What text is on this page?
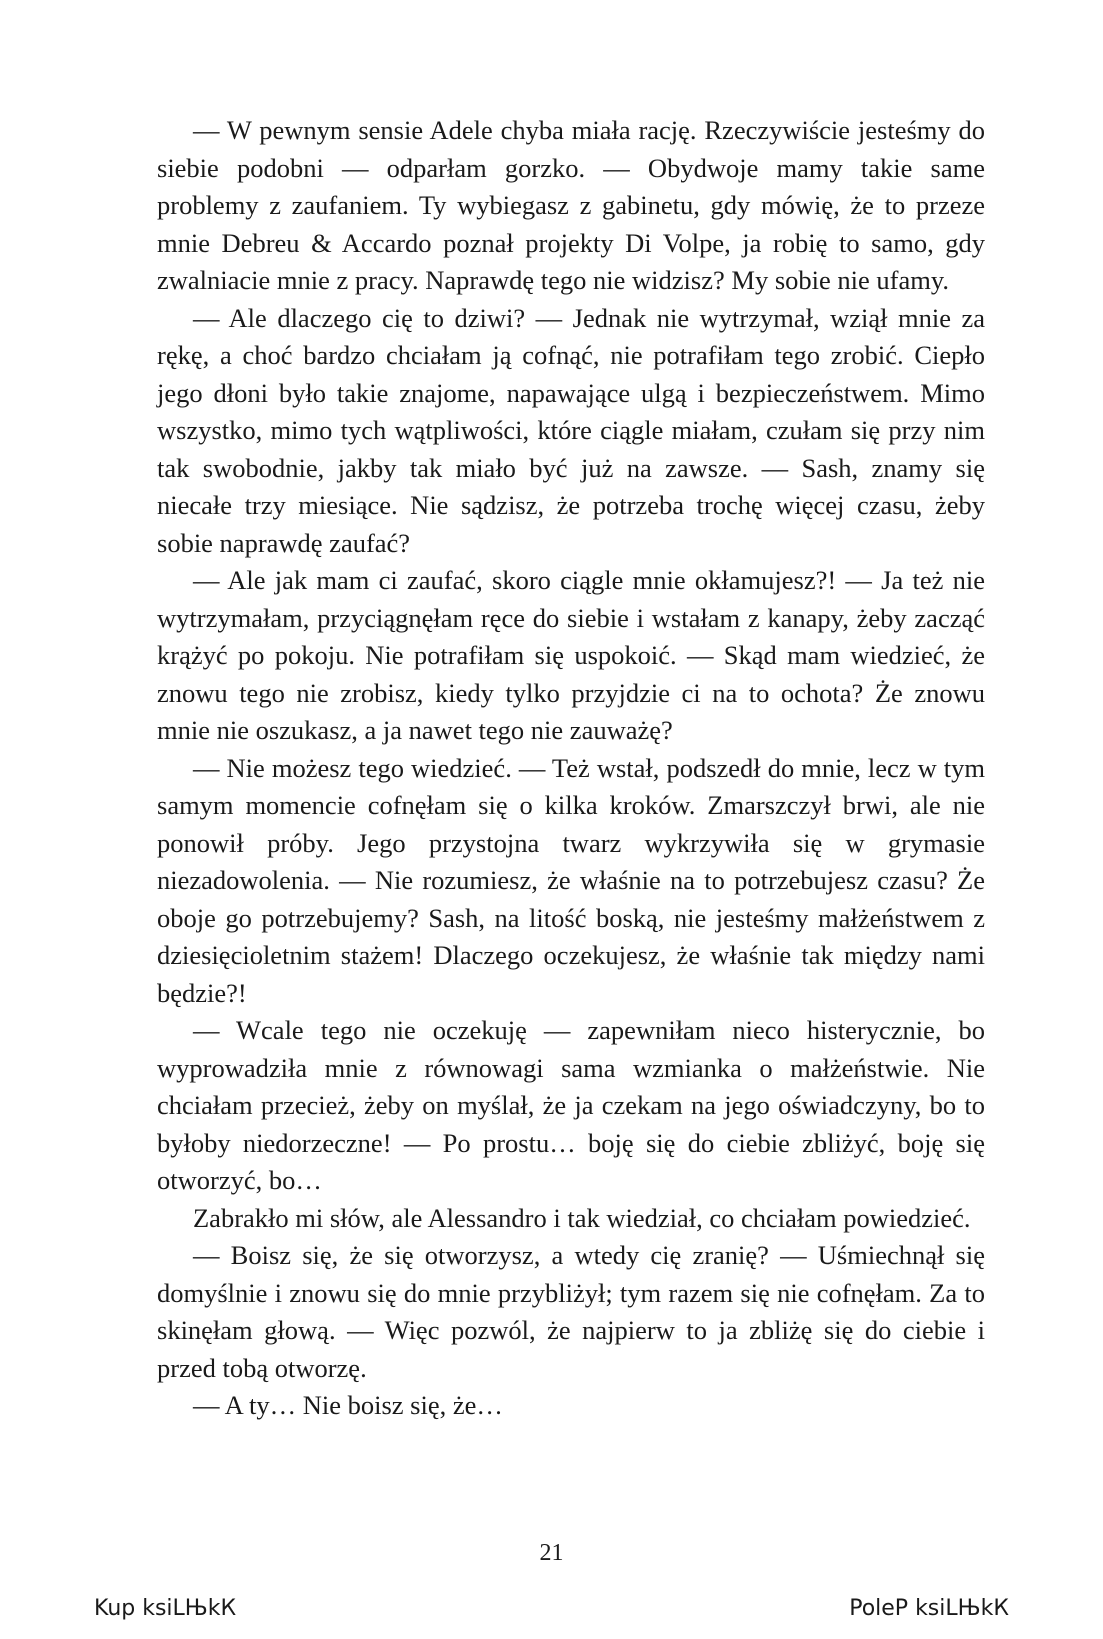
— W pewnym sensie Adele chyba miała rację. Rzeczywiście jesteśmy do siebie podobni — odparłam gorzko. — Obydwoje mamy takie same problemy z zaufaniem. Ty wybiegasz z gabinetu, gdy mówię, że to przeze mnie Debreu & Accardo poznał projekty Di Volpe, ja robię to samo, gdy zwalniacie mnie z pracy. Naprawdę tego nie widzisz? My sobie nie ufamy.

— Ale dlaczego cię to dziwi? — Jednak nie wytrzymał, wziął mnie za rękę, a choć bardzo chciałam ją cofnąć, nie potrafiłam tego zrobić. Ciepło jego dłoni było takie znajome, napawające ulgą i bezpieczeństwem. Mimo wszystko, mimo tych wątpliwości, które ciągle miałam, czułam się przy nim tak swobodnie, jakby tak miało być już na zawsze. — Sash, znamy się niecałe trzy miesiące. Nie sądzisz, że potrzeba trochę więcej czasu, żeby sobie naprawdę zaufać?

— Ale jak mam ci zaufać, skoro ciągle mnie okłamujesz?! — Ja też nie wytrzymałam, przyciągnęłam ręce do siebie i wstałam z kanapy, żeby zacząć krążyć po pokoju. Nie potrafiłam się uspokoić. — Skąd mam wiedzieć, że znowu tego nie zrobisz, kiedy tylko przyjdzie ci na to ochota? Że znowu mnie nie oszukasz, a ja nawet tego nie zauważę?

— Nie możesz tego wiedzieć. — Też wstał, podszedł do mnie, lecz w tym samym momencie cofnęłam się o kilka kroków. Zmarszczył brwi, ale nie ponowił próby. Jego przystojna twarz wykrzywiła się w grymasie niezadowolenia. — Nie rozumiesz, że właśnie na to potrzebujesz czasu? Że oboje go potrzebujemy? Sash, na litość boską, nie jesteśmy małżeństwem z dziesięcioletnim stażem! Dlaczego oczekujesz, że właśnie tak między nami będzie?!

— Wcale tego nie oczekuję — zapewniłam nieco histerycznie, bo wyprowadziła mnie z równowagi sama wzmianka o małżeństwie. Nie chciałam przecież, żeby on myślał, że ja czekam na jego oświadczyny, bo to byłoby niedorzeczne! — Po prostu… boję się do ciebie zbliżyć, boję się otworzyć, bo…

Zabrakło mi słów, ale Alessandro i tak wiedział, co chciałam powiedzieć.

— Boisz się, że się otworzysz, a wtedy cię zranię? — Uśmiechnął się domyślnie i znowu się do mnie przybliżył; tym razem się nie cofnęłam. Za to skinęłam głową. — Więc pozwól, że najpierw to ja zbliżę się do ciebie i przed tobą otworzę.

— A ty… Nie boisz się, że…

21
Kup ksiLЊkК	PoleР ksiLЊkК
